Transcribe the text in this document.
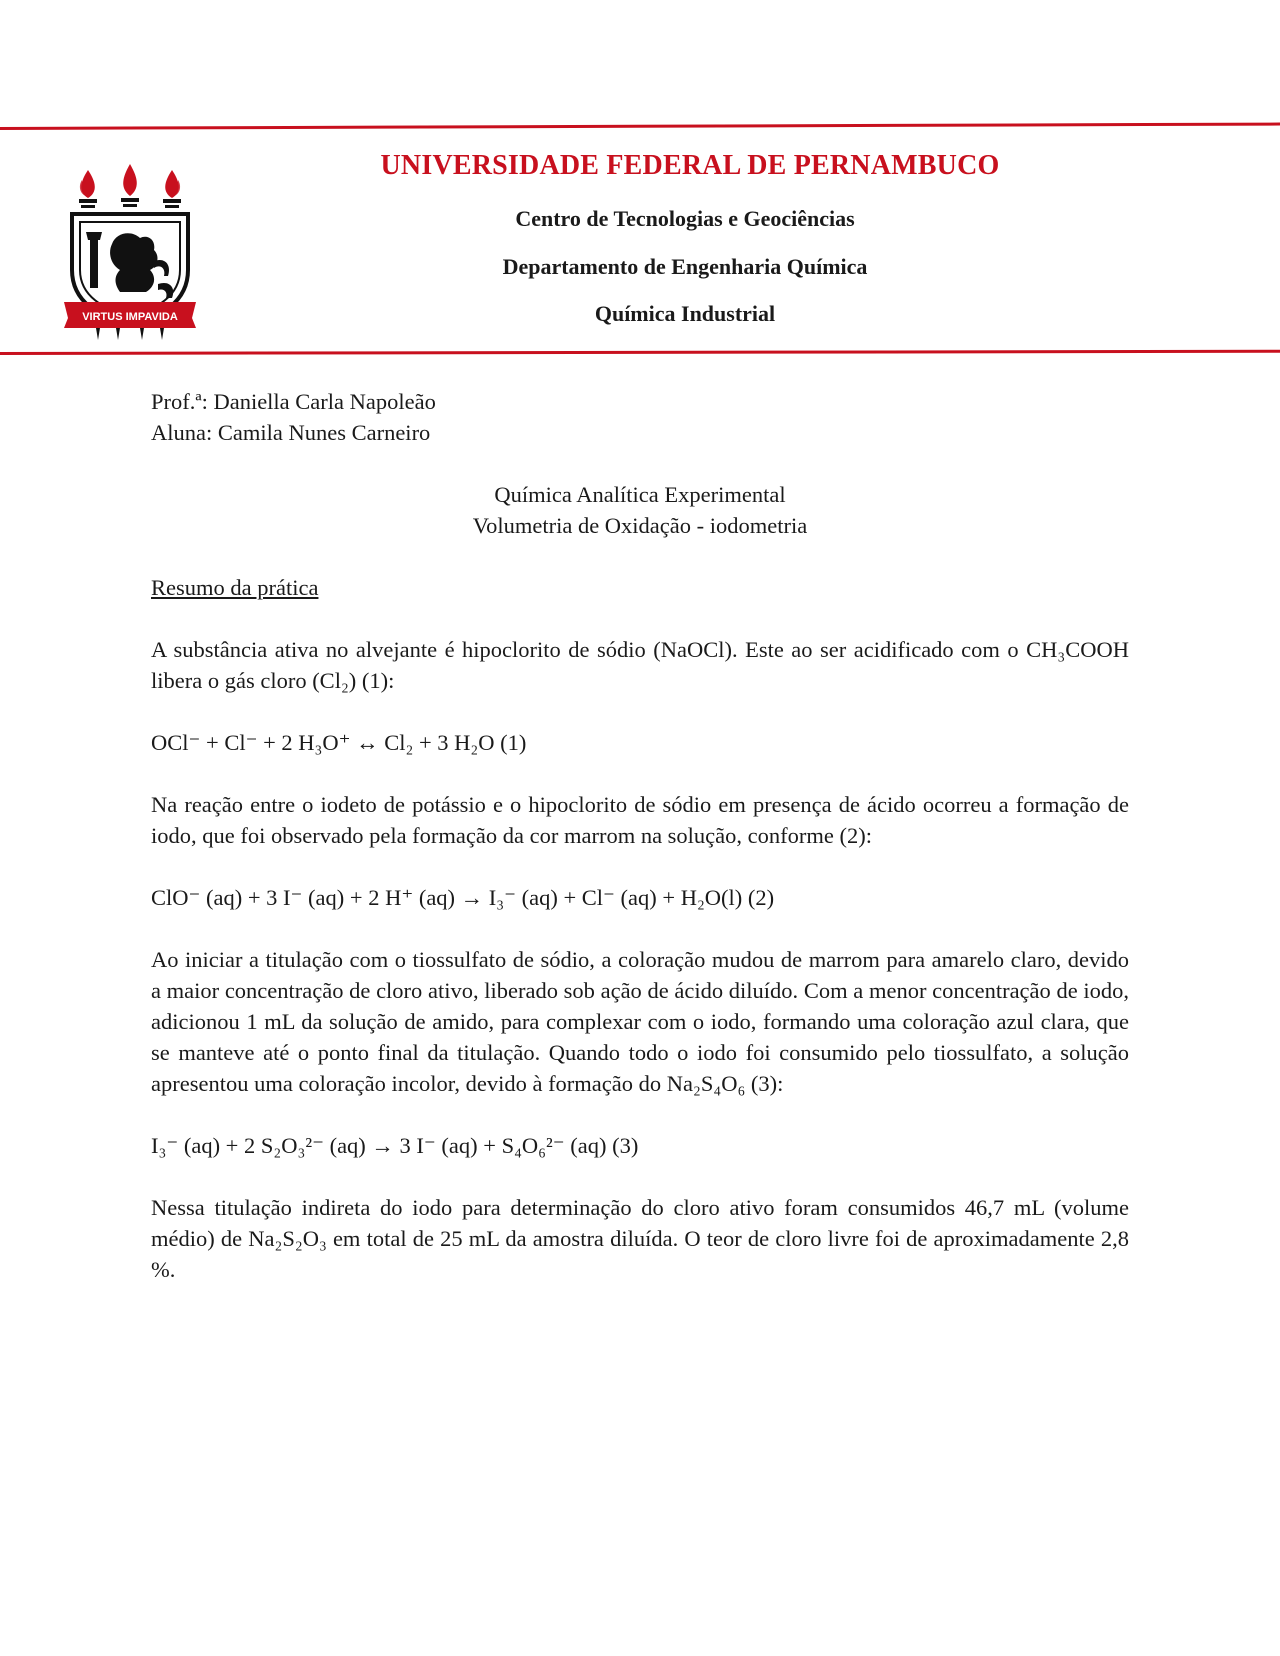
VIRTUS IMPAVIDA
UNIVERSIDADE FEDERAL DE PERNAMBUCO
Centro de Tecnologias e Geociências
Departamento de Engenharia Química
Química Industrial

Prof.ª: Daniella Carla Napoleão

Aluna: Camila Nunes Carneiro

Química Analítica Experimental

Volumetria de Oxidação - iodometria

Resumo da prática

A substância ativa no alvejante é hipoclorito de sódio (NaOCl). Este ao ser acidificado com o CH₃COOH libera o gás cloro (Cl₂) (1):

OCl⁻ + Cl⁻ + 2 H₃O⁺ ↔ Cl₂ + 3 H₂O (1)

Na reação entre o iodeto de potássio e o hipoclorito de sódio em presença de ácido ocorreu a formação de iodo, que foi observado pela formação da cor marrom na solução, conforme (2):

ClO⁻ (aq) + 3 I⁻ (aq) + 2 H⁺ (aq) → I₃⁻ (aq) + Cl⁻ (aq) + H₂O(l) (2)

Ao iniciar a titulação com o tiossulfato de sódio, a coloração mudou de marrom para amarelo claro, devido a maior concentração de cloro ativo, liberado sob ação de ácido diluído. Com a menor concentração de iodo, adicionou 1 mL da solução de amido, para complexar com o iodo, formando uma coloração azul clara, que se manteve até o ponto final da titulação. Quando todo o iodo foi consumido pelo tiossulfato, a solução apresentou uma coloração incolor, devido à formação do Na₂S₄O₆ (3):

I₃⁻ (aq) + 2 S₂O₃²⁻ (aq) → 3 I⁻ (aq) + S₄O₆²⁻ (aq) (3)

Nessa titulação indireta do iodo para determinação do cloro ativo foram consumidos 46,7 mL (volume médio) de Na₂S₂O₃ em total de 25 mL da amostra diluída. O teor de cloro livre foi de aproximadamente 2,8 %.
